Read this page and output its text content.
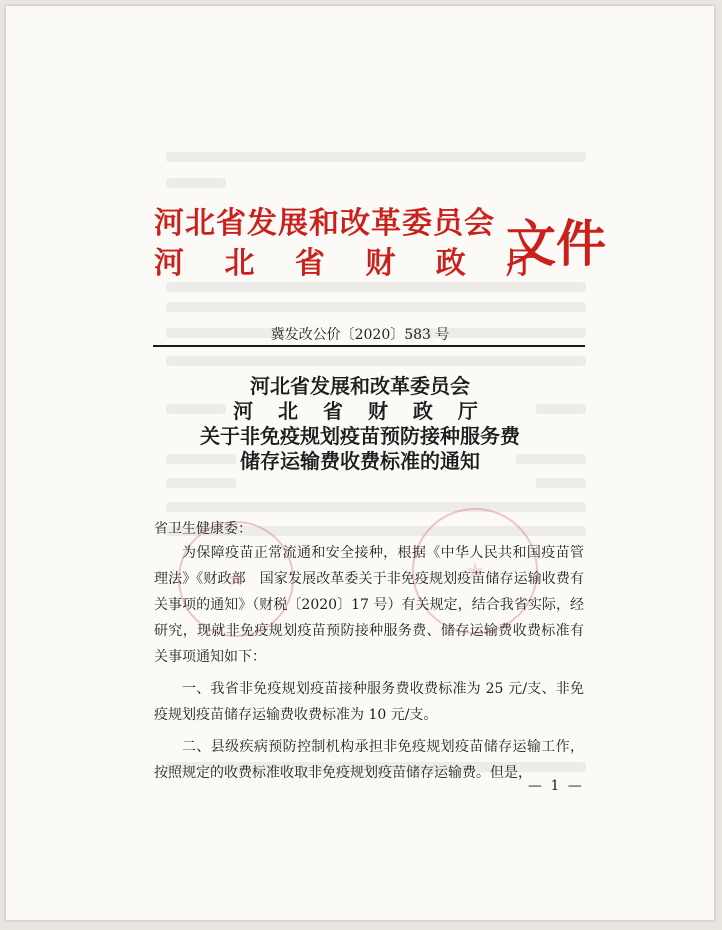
河北省发展和改革委员会
河 北 省 财 政 厅
文件
冀发改公价〔2020〕583 号
河北省发展和改革委员会
河 北 省 财 政 厅
关于非免疫规划疫苗预防接种服务费
储存运输费收费标准的通知
省卫生健康委：

为保障疫苗正常流通和安全接种，根据《中华人民共和国疫苗管理法》《财政部　国家发展改革委关于非免疫规划疫苗储存运输收费有关事项的通知》（财税〔2020〕17 号）有关规定，结合我省实际，经研究，现就非免疫规划疫苗预防接种服务费、储存运输费收费标准有关事项通知如下：

一、我省非免疫规划疫苗接种服务费收费标准为 25 元/支、非免疫规划疫苗储存运输费收费标准为 10 元/支。

二、县级疾病预防控制机构承担非免疫规划疫苗储存运输工作，按照规定的收费标准收取非免疫规划疫苗储存运输费。但是，

— 1 —
